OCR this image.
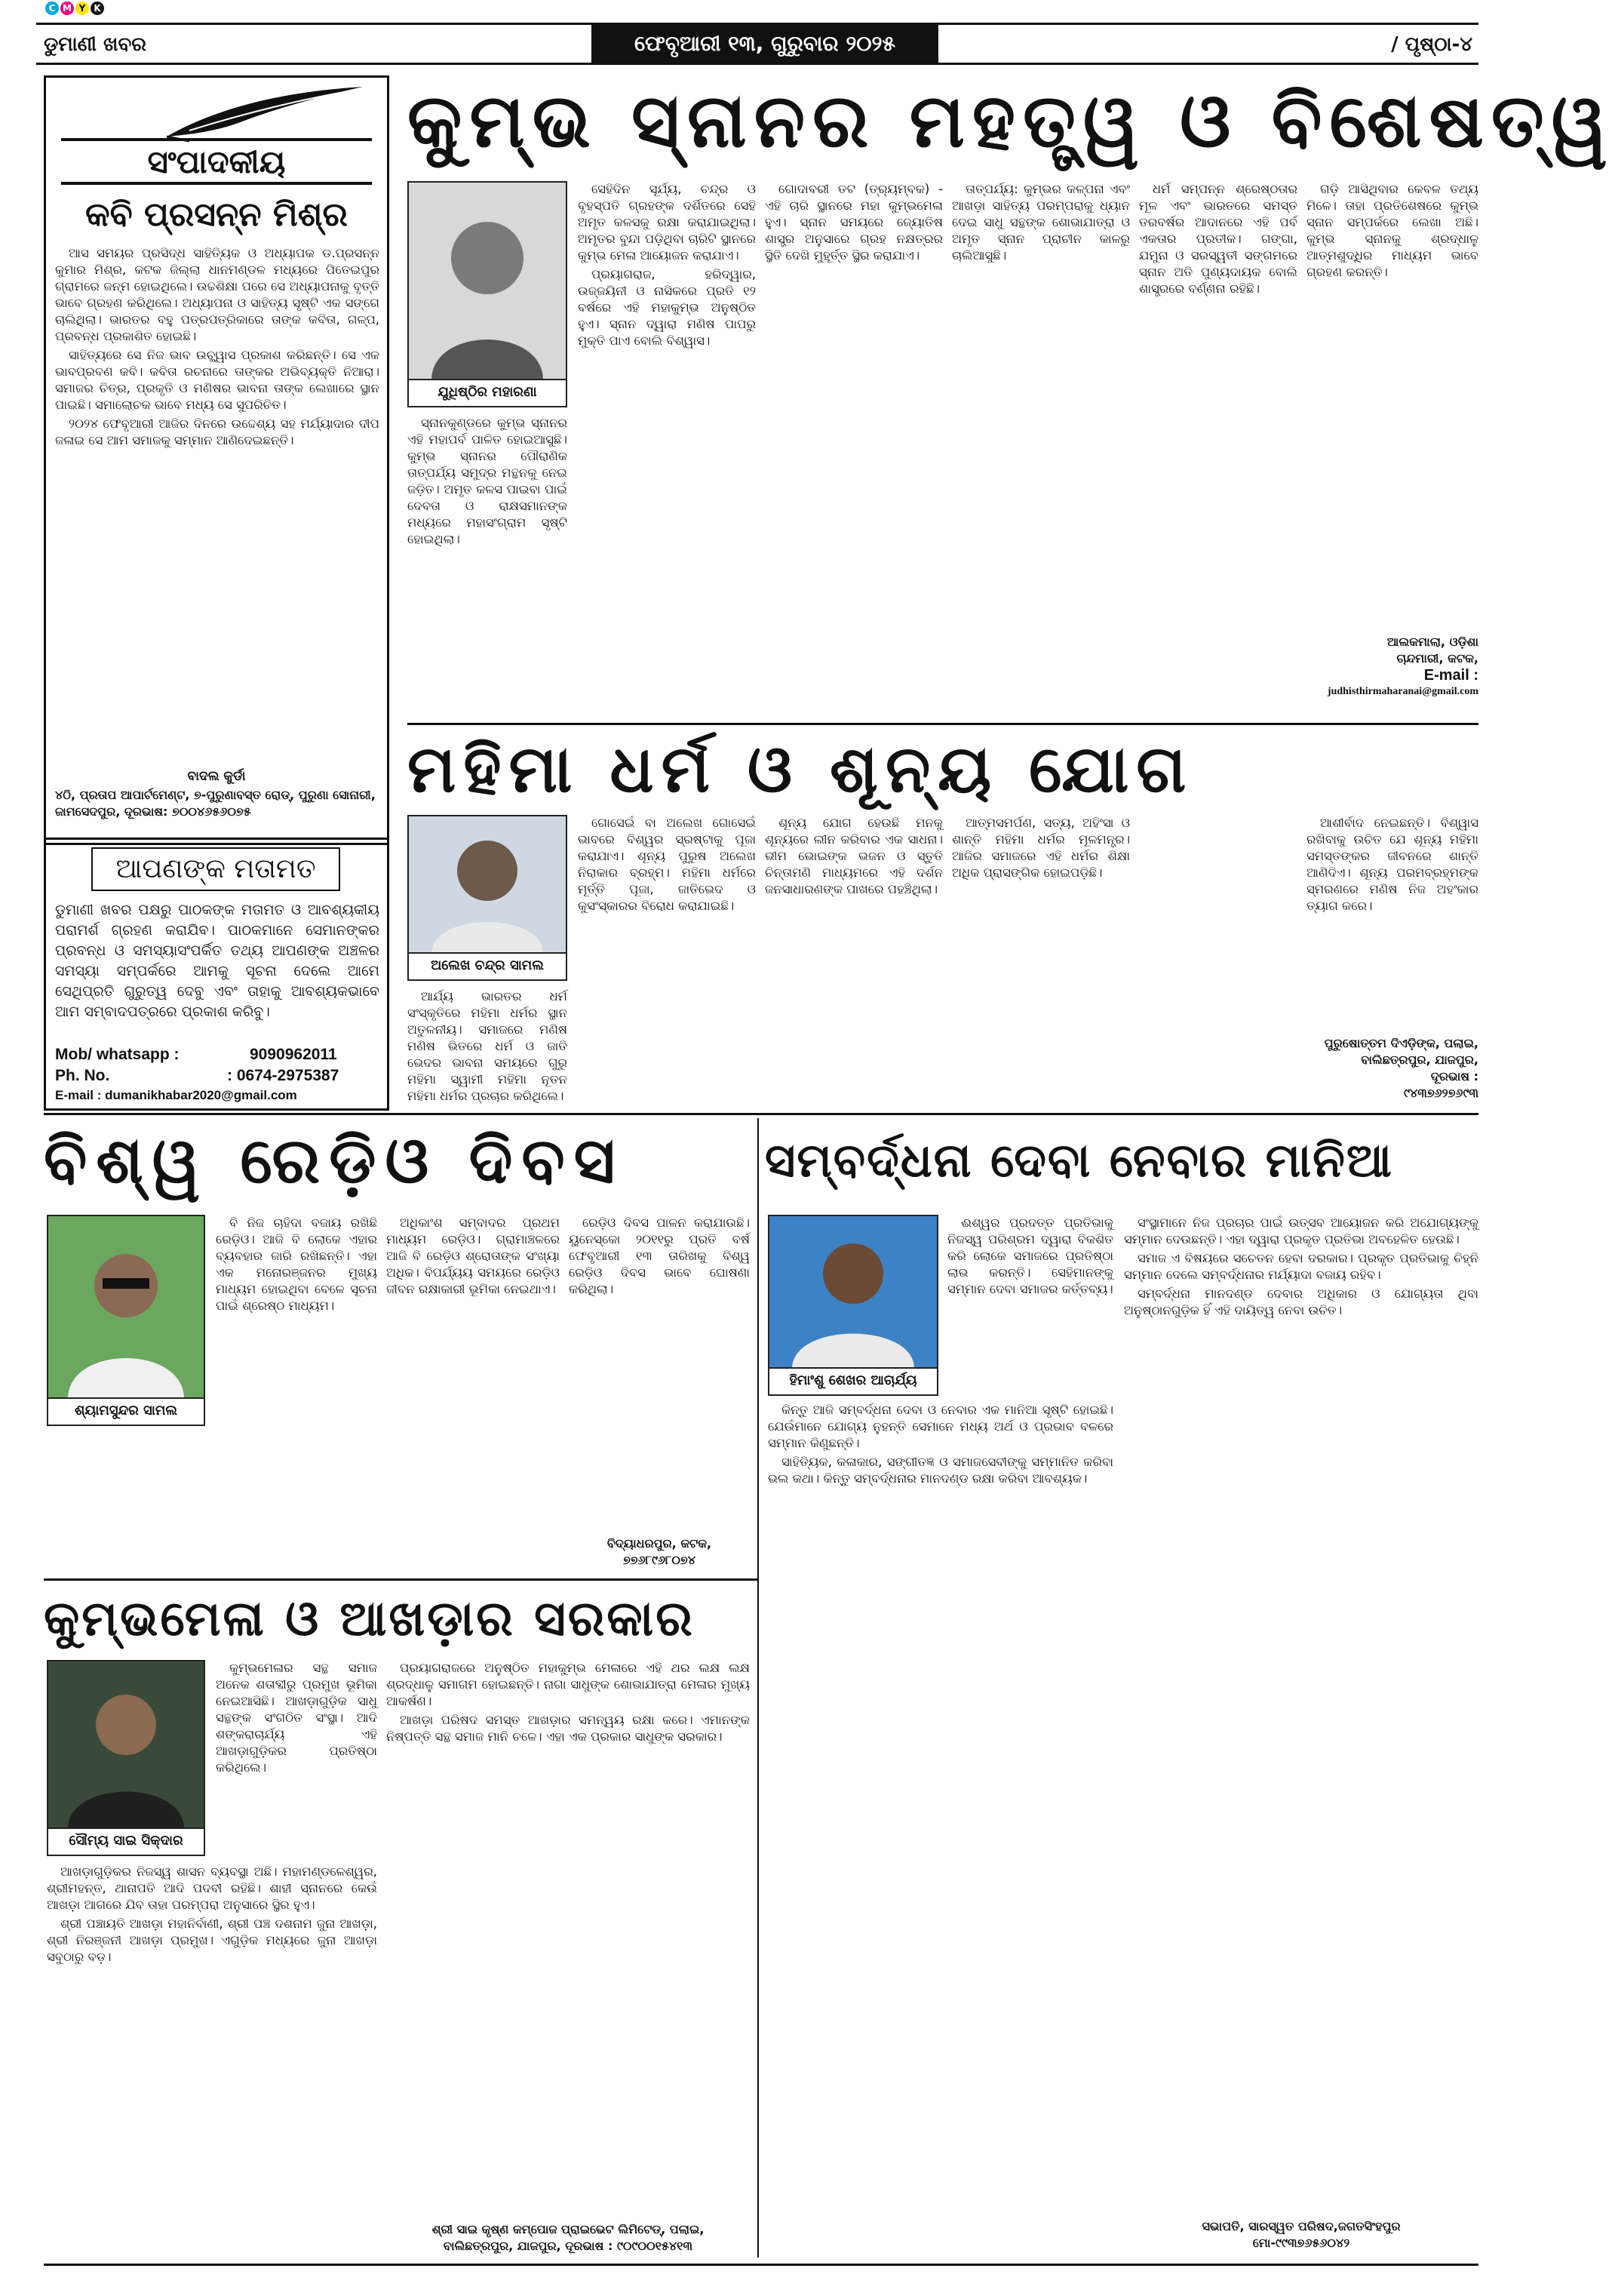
C M Y K
ଡୁମାଣୀ ଖବର	ଫେବୃଆରୀ ୧୩, ଗୁରୁବାର ୨୦୨୫	/ ପୃଷ୍ଠା-୪
ସଂପାଦକୀୟ
କବି ପ୍ରସନ୍ନ ମିଶ୍ର

ଆସ ସମୟର ପ୍ରସିଦ୍ଧ ସାହିତ୍ୟିକ ଓ ଅଧ୍ୟାପକ ଡ.ପ୍ରସନ୍ନ କୁମାର ମିଶ୍ର, କଟକ ଜିଲ୍ଲା ଧାନମଣ୍ଡଳ ମଧ୍ୟରେ ପିତେଇପୁର ଗ୍ରାମରେ ଜନ୍ମ ହୋଇଥିଲେ। ଉଚ୍ଚଶିକ୍ଷା ପରେ ସେ ଅଧ୍ୟାପନାକୁ ବୃତ୍ତି ଭାବେ ଗ୍ରହଣ କରିଥିଲେ। ଅଧ୍ୟାପନା ଓ ସାହିତ୍ୟ ସୃଷ୍ଟି ଏକ ସଙ୍ଗେ ଚାଲିଥିଲା। ଭାରତର ବହୁ ପତ୍ରପତ୍ରିକାରେ ତାଙ୍କ କବିତା, ଗଳ୍ପ, ପ୍ରବନ୍ଧ ପ୍ରକାଶିତ ହୋଇଛି।

ସାହିତ୍ୟରେ ସେ ନିଜ ଭାବ ଉଚ୍ଛ୍ୱାସ ପ୍ରକାଶ କରିଛନ୍ତି। ସେ ଏକ ଭାବପ୍ରବଣ କବି। କବିତା ରଚନାରେ ତାଙ୍କର ଅଭିବ୍ୟକ୍ତି ନିଆରା। ସମାଜର ଚିତ୍ର, ପ୍ରକୃତି ଓ ମଣିଷର ଭାବନା ତାଙ୍କ ଲେଖାରେ ସ୍ଥାନ ପାଇଛି। ସମାଲୋଚକ ଭାବେ ମଧ୍ୟ ସେ ସୁପରିଚିତ।

୨୦୨୪ ଫେବୃଆରୀ ଆଜିର ଦିନରେ ଉଦ୍ଦେଶ୍ୟ ସହ ମର୍ଯ୍ୟାଦାର ଦୀପ ଜଳାଇ ସେ ଆମ ସମାଜକୁ ସମ୍ମାନ ଆଣିଦେଇଛନ୍ତି।

ବାଦଲ କୁର୍ଡା
୪ଠି, ପ୍ରତାପ ଆପାର୍ଟମେଣ୍ଟ, ୭-ପୁରୁଣାବସ୍ତ ରୋଡ୍, ପୁରୁଣା ସୋନାରୀ, ଜାମସେଦପୁର, ଦୂରଭାଷ: ୭୦୦୪୬୫୬୦୭୫
ଆପଣଙ୍କ ମତାମତ
ଡୁମାଣୀ ଖବର ପକ୍ଷରୁ ପାଠକଙ୍କ ମତାମତ ଓ ଆବଶ୍ୟକୀୟ ପରାମର୍ଶ ଗ୍ରହଣ କରାଯିବ। ପାଠକମାନେ ସେମାନଙ୍କର ପ୍ରବନ୍ଧ ଓ ସମସ୍ୟାସଂପର୍କିତ ତଥ୍ୟ ଆପଣଙ୍କ ଅଞ୍ଚଳର ସମସ୍ୟା ସମ୍ପର୍କରେ ଆମକୁ ସୂଚନା ଦେଲେ ଆମେ ସେଥିପ୍ରତି ଗୁରୁତ୍ୱ ଦେବୁ ଏବଂ ତାହାକୁ ଆବଶ୍ୟକଭାବେ ଆମ ସମ୍ବାଦପତ୍ରରେ ପ୍ରକାଶ କରିବୁ।
Mob/ whatsapp :	9090962011
Ph. No.	: 0674-2975387
E-mail : dumanikhabar2020@gmail.com
କୁମ୍ଭ ସ୍ନାନର ମହତ୍ତ୍ୱ ଓ ବିଶେଷତ୍ୱ
ଯୁଧିଷ୍ଠିର ମହାରଣା

ସ୍ନାନକୁଣ୍ଡରେ କୁମ୍ଭ ସ୍ନାନର ଏହି ମହାପର୍ବ ପାଳିତ ହୋଇଆସୁଛି। କୁମ୍ଭ ସ୍ନାନର ପୌରାଣିକ ତାତ୍ପର୍ଯ୍ୟ ସମୁଦ୍ର ମନ୍ଥନକୁ ନେଇ ଜଡ଼ିତ। ଅମୃତ କଳସ ପାଇବା ପାଇଁ ଦେବତା ଓ ରାକ୍ଷସମାନଙ୍କ ମଧ୍ୟରେ ମହାସଂଗ୍ରାମ ସୃଷ୍ଟି ହୋଇଥିଲା।

ସେହିଦିନ ସୂର୍ଯ୍ୟ, ଚନ୍ଦ୍ର ଓ ବୃହସ୍ପତି ଗ୍ରହଙ୍କ ଦର୍ଶିତରେ ସେହି ଅମୃତ କଳସକୁ ରକ୍ଷା କରାଯାଇଥିଲା। ଅମୃତର ବୁନ୍ଦା ପଡ଼ିଥିବା ଚାରିଟି ସ୍ଥାନରେ କୁମ୍ଭ ମେଳା ଆୟୋଜନ କରାଯାଏ।

ପ୍ରୟାଗରାଜ, ହରିଦ୍ୱାର, ଉଜ୍ଜୟିନୀ ଓ ନାସିକରେ ପ୍ରତି ୧୨ ବର୍ଷରେ ଏହି ମହାକୁମ୍ଭ ଅନୁଷ୍ଠିତ ହୁଏ। ସ୍ନାନ ଦ୍ୱାରା ମଣିଷ ପାପରୁ ମୁକ୍ତି ପାଏ ବୋଲି ବିଶ୍ୱାସ।

ଗୋଦାବରୀ ତଟ (ତ୍ର୍ୟମ୍ବକ) - ଏହି ଚାରି ସ୍ଥାନରେ ମହା କୁମ୍ଭମେଳା ହୁଏ। ସ୍ନାନ ସମୟରେ ଜ୍ୟୋତିଷ ଶାସ୍ତ୍ର ଅନୁସାରେ ଗ୍ରହ ନକ୍ଷତ୍ରର ସ୍ଥିତି ଦେଖି ମୁହୂର୍ତ୍ତ ସ୍ଥିର କରାଯାଏ।

ତାତ୍ପର୍ଯ୍ୟ: କୁମ୍ଭର କଳ୍ପନା ଏବଂ ଆଖଡ଼ା ସାହିତ୍ୟ ପରମ୍ପରାକୁ ଧ୍ୟାନ ଦେଇ ସାଧୁ ସନ୍ଥଙ୍କ ଶୋଭାଯାତ୍ରା ଓ ଅମୃତ ସ୍ନାନ ପ୍ରାଚୀନ କାଳରୁ ଚାଲିଆସୁଛି।

ଧର୍ମ ସମ୍ପନ୍ନ ଶ୍ରେଷ୍ଠତାର ମୂଳ ଏବଂ ଭାରତରେ ସମସ୍ତ ତରବର୍ଷର ଆଦାନରେ ଏହି ପର୍ବ ଏକତାର ପ୍ରତୀକ। ଗଙ୍ଗା, ଯମୁନା ଓ ସରସ୍ୱତୀ ସଙ୍ଗମରେ ସ୍ନାନ ଅତି ପୁଣ୍ୟଦାୟକ ବୋଲି ଶାସ୍ତ୍ରରେ ବର୍ଣ୍ଣନା ରହିଛି।

ଗଡ଼ି ଆସିଥିବାର କେବଳ ତଥ୍ୟ ମିଳେ। ତାହା ପ୍ରତିଶେଷରେ କୁମ୍ଭ ସ୍ନାନ ସମ୍ପର୍କରେ ଲେଖା ଅଛି। କୁମ୍ଭ ସ୍ନାନକୁ ଶ୍ରଦ୍ଧାଳୁ ଆତ୍ମଶୁଦ୍ଧିର ମାଧ୍ୟମ ଭାବେ ଗ୍ରହଣ କରନ୍ତି।

ଆଲକମାଲା, ଓଡ଼ିଶା
ଚାନ୍ଦମାରୀ, କଟକ,
E-mail :
judhisthirmaharanai@gmail.com
ମହିମା ଧର୍ମ ଓ ଶୂନ୍ୟ ଯୋଗ
ଅଲେଖ ଚନ୍ଦ୍ର ସାମଲ

ଆର୍ଯ୍ୟ ଭାରତର ଧର୍ମ ସଂସ୍କୃତିରେ ମହିମା ଧର୍ମର ସ୍ଥାନ ଅତୁଳନୀୟ। ସମାଜରେ ମଣିଷ ମଣିଷ ଭିତରେ ଧର୍ମ ଓ ଜାତି ଭେଦର ଭାବନା ସମୟରେ ଗୁରୁ ମହିମା ସ୍ୱାମୀ ମହିମା ନୂତନ ମହିମା ଧର୍ମର ପ୍ରଚାର କରିଥିଲେ।

ଗୋସେଇଁ ବା ଅଲେଖ ଗୋସେଇଁ ଭାବରେ ବିଶ୍ୱର ସ୍ରଷ୍ଟାକୁ ପୂଜା କରାଯାଏ। ଶୂନ୍ୟ ପୁରୁଷ ଅଲେଖ ନିରାକାର ବ୍ରହ୍ମ। ମହିମା ଧର୍ମରେ ମୂର୍ତ୍ତି ପୂଜା, ଜାତିଭେଦ ଓ କୁସଂସ୍କାରର ବିରୋଧ କରାଯାଇଛି।

ଶୂନ୍ୟ ଯୋଗ ହେଉଛି ମନକୁ ଶୂନ୍ୟରେ ଲୀନ କରିବାର ଏକ ସାଧନା। ଭୀମ ଭୋଇଙ୍କ ଭଜନ ଓ ସ୍ତୁତି ଚିନ୍ତାମଣି ମାଧ୍ୟମରେ ଏହି ଦର୍ଶନ ଜନସାଧାରଣଙ୍କ ପାଖରେ ପହଞ୍ଚିଥିଲା।

ଆତ୍ମସମର୍ପଣ, ସତ୍ୟ, ଅହିଂସା ଓ ଶାନ୍ତି ମହିମା ଧର୍ମର ମୂଳମନ୍ତ୍ର। ଆଜିର ସମାଜରେ ଏହି ଧର୍ମର ଶିକ୍ଷା ଅଧିକ ପ୍ରାସଙ୍ଗିକ ହୋଇପଡ଼ିଛି।

ଆଶୀର୍ବାଦ ନେଇଛନ୍ତି। ବିଶ୍ୱାସ ରଖିବାକୁ ଉଚିତ ଯେ ଶୂନ୍ୟ ମହିମା ସମସ୍ତଙ୍କର ଜୀବନରେ ଶାନ୍ତି ଆଣିଦିଏ। ଶୂନ୍ୟ ପରମବ୍ରହ୍ମଙ୍କ ସ୍ମରଣରେ ମଣିଷ ନିଜ ଅହଂକାର ତ୍ୟାଗ କରେ।

ପୁରୁଷୋତ୍ତମ ଦିଏଡ଼ିଙ୍କ, ପଲାଇ,
ବାଲିଛତ୍ରପୁର, ଯାଜପୁର,
ଦୂରଭାଷ :
୯୪୩୭୬୨୭୬୯୩
ବିଶ୍ୱ ରେଡ଼ିଓ ଦିବସ
ଶ୍ୟାମସୁନ୍ଦର ସାମଲ

ବି ନିଜ ଚାହିଦା ବଜାୟ ରଖିଛି ରେଡ଼ିଓ। ଆଜି ବି ଲୋକେ ଏହାର ବ୍ୟବହାର ଜାରି ରଖିଛନ୍ତି। ଏହା ଏକ ମନୋରଞ୍ଜନର ମୁଖ୍ୟ ମାଧ୍ୟମ ହୋଇଥିବା ବେଳେ ସୂଚନା ପାଇଁ ଶ୍ରେଷ୍ଠ ମାଧ୍ୟମ।

ଅଧିକାଂଶ ସମ୍ବାଦର ପ୍ରଥମ ମାଧ୍ୟମ ରେଡ଼ିଓ। ଗ୍ରାମାଞ୍ଚଳରେ ଆଜି ବି ରେଡ଼ିଓ ଶ୍ରୋତାଙ୍କ ସଂଖ୍ୟା ଅଧିକ। ବିପର୍ଯ୍ୟୟ ସମୟରେ ରେଡ଼ିଓ ଜୀବନ ରକ୍ଷାକାରୀ ଭୂମିକା ନେଇଥାଏ।

ରେଡ଼ିଓ ଦିବସ ପାଳନ କରାଯାଉଛି। ୟୁନେସ୍କୋ ୨୦୧୧ରୁ ପ୍ରତି ବର୍ଷ ଫେବୃଆରୀ ୧୩ ତାରିଖକୁ ବିଶ୍ୱ ରେଡ଼ିଓ ଦିବସ ଭାବେ ଘୋଷଣା କରିଥିଲା।

ବିଦ୍ୟାଧରପୁର, କଟକ,
୭୭୬୮୯୬୮୦୭୪
ସମ୍ବର୍ଦ୍ଧନା ଦେବା ନେବାର ମାନିଆ
ହିମାଂଶୁ ଶେଖର ଆଚାର୍ଯ୍ୟ

ଈଶ୍ୱର ପ୍ରଦତ୍ତ ପ୍ରତିଭାକୁ ନିଜସ୍ୱ ପରିଶ୍ରମ ଦ୍ୱାରା ବିକଶିତ କରି ଲୋକେ ସମାଜରେ ପ୍ରତିଷ୍ଠା ଲାଭ କରନ୍ତି। ସେହିମାନଙ୍କୁ ସମ୍ମାନ ଦେବା ସମାଜର କର୍ତ୍ତବ୍ୟ।

କିନ୍ତୁ ଆଜି ସମ୍ବର୍ଦ୍ଧନା ଦେବା ଓ ନେବାର ଏକ ମାନିଆ ସୃଷ୍ଟି ହୋଇଛି। ଯେଉଁମାନେ ଯୋଗ୍ୟ ନୁହନ୍ତି ସେମାନେ ମଧ୍ୟ ଅର୍ଥ ଓ ପ୍ରଭାବ ବଳରେ ସମ୍ମାନ କିଣୁଛନ୍ତି।

ସାହିତ୍ୟିକ, କଳାକାର, ସଙ୍ଗୀତଜ୍ଞ ଓ ସମାଜସେବୀଙ୍କୁ ସମ୍ମାନିତ କରିବା ଭଲ କଥା। କିନ୍ତୁ ସମ୍ବର୍ଦ୍ଧନାର ମାନଦଣ୍ଡ ରକ୍ଷା କରିବା ଆବଶ୍ୟକ।

ସଂସ୍ଥାମାନେ ନିଜ ପ୍ରଚାର ପାଇଁ ଉତ୍ସବ ଆୟୋଜନ କରି ଅଯୋଗ୍ୟଙ୍କୁ ସମ୍ମାନ ଦେଉଛନ୍ତି। ଏହା ଦ୍ୱାରା ପ୍ରକୃତ ପ୍ରତିଭା ଅବହେଳିତ ହେଉଛି।

ସମାଜ ଏ ବିଷୟରେ ସଚେତନ ହେବା ଦରକାର। ପ୍ରକୃତ ପ୍ରତିଭାକୁ ଚିହ୍ନି ସମ୍ମାନ ଦେଲେ ସମ୍ବର୍ଦ୍ଧନାର ମର୍ଯ୍ୟାଦା ବଜାୟ ରହିବ।

ସମ୍ବର୍ଦ୍ଧନା ମାନଦଣ୍ଡ ଦେବାର ଅଧିକାର ଓ ଯୋଗ୍ୟତା ଥିବା ଅନୁଷ୍ଠାନଗୁଡ଼ିକ ହିଁ ଏହି ଦାୟିତ୍ୱ ନେବା ଉଚିତ।

ସଭାପତି, ସାରସ୍ୱତ ପରିଷଦ,ଜଗତସିଂହପୁର
ମୋ-୯୯୩୭୬୫୬୦୪୨
କୁମ୍ଭମେଳା ଓ ଆଖଡ଼ାର ସରକାର
ସୌମ୍ୟ ସାଇ ସିକ୍ଦାର

କୁମ୍ଭମେଳାର ସନ୍ଥ ସମାଜ ଅନେକ ଶତାବ୍ଦୀରୁ ପ୍ରମୁଖ ଭୂମିକା ନେଇଆସିଛି। ଆଖଡ଼ାଗୁଡ଼ିକ ସାଧୁ ସନ୍ଥଙ୍କ ସଂଗଠିତ ସଂସ୍ଥା। ଆଦି ଶଙ୍କରାଚାର୍ଯ୍ୟ ଏହି ଆଖଡ଼ାଗୁଡ଼ିକର ପ୍ରତିଷ୍ଠା କରିଥିଲେ।

ଆଖଡ଼ାଗୁଡ଼ିକର ନିଜସ୍ୱ ଶାସନ ବ୍ୟବସ୍ଥା ଅଛି। ମହାମଣ୍ଡଳେଶ୍ୱର, ଶ୍ରୀମହନ୍ତ, ଥାନାପତି ଆଦି ପଦବୀ ରହିଛି। ଶାହୀ ସ୍ନାନରେ କେଉଁ ଆଖଡ଼ା ଆଗରେ ଯିବ ତାହା ପରମ୍ପରା ଅନୁସାରେ ସ୍ଥିର ହୁଏ।

ଶ୍ରୀ ପଞ୍ଚାୟତି ଆଖଡ଼ା ମହାନିର୍ବାଣୀ, ଶ୍ରୀ ପଞ୍ଚ ଦଶନାମ ଜୁନା ଆଖଡ଼ା, ଶ୍ରୀ ନିରଞ୍ଜନୀ ଆଖଡ଼ା ପ୍ରମୁଖ। ଏଗୁଡ଼ିକ ମଧ୍ୟରେ ଜୁନା ଆଖଡ଼ା ସବୁଠାରୁ ବଡ଼।

ପ୍ରୟାଗରାଜରେ ଅନୁଷ୍ଠିତ ମହାକୁମ୍ଭ ମେଳାରେ ଏହି ଥର ଲକ୍ଷ ଲକ୍ଷ ଶ୍ରଦ୍ଧାଳୁ ସମାଗମ ହୋଇଛନ୍ତି। ନାଗା ସାଧୁଙ୍କ ଶୋଭାଯାତ୍ରା ମେଳାର ମୁଖ୍ୟ ଆକର୍ଷଣ।

ଆଖଡ଼ା ପରିଷଦ ସମସ୍ତ ଆଖଡ଼ାର ସମନ୍ୱୟ ରକ୍ଷା କରେ। ଏମାନଙ୍କ ନିଷ୍ପତ୍ତି ସନ୍ଥ ସମାଜ ମାନି ଚଳେ। ଏହା ଏକ ପ୍ରକାର ସାଧୁଙ୍କ ସରକାର।

ଶ୍ରୀ ସାଇ କୃଷ୍ଣ କମ୍ପୋଜ ପ୍ରାଇଭେଟ ଲିମିଟେଡ୍, ପଲାଇ,
ବାଲିଛତ୍ରପୁର, ଯାଜପୁର, ଦୂରଭାଷ : ୯୦୯୦୦୧୫୪୧୩
